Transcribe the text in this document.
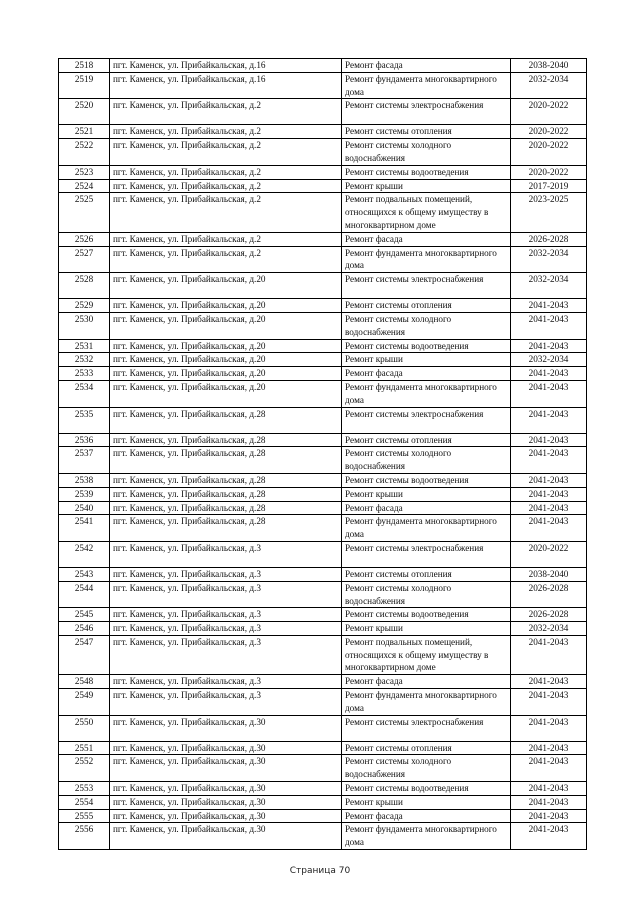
2518	пгт. Каменск, ул. Прибайкальская, д.16	Ремонт фасада	2038-2040
2519	пгт. Каменск, ул. Прибайкальская, д.16	Ремонт фундамента многоквартирного дома	2032-2034
2520	пгт. Каменск, ул. Прибайкальская, д.2	Ремонт системы электроснабжения	2020-2022
2521	пгт. Каменск, ул. Прибайкальская, д.2	Ремонт системы отопления	2020-2022
2522	пгт. Каменск, ул. Прибайкальская, д.2	Ремонт системы холодного водоснабжения	2020-2022
2523	пгт. Каменск, ул. Прибайкальская, д.2	Ремонт системы водоотведения	2020-2022
2524	пгт. Каменск, ул. Прибайкальская, д.2	Ремонт крыши	2017-2019
2525	пгт. Каменск, ул. Прибайкальская, д.2	Ремонт подвальных помещений, относящихся к общему имуществу в многоквартирном доме	2023-2025
2526	пгт. Каменск, ул. Прибайкальская, д.2	Ремонт фасада	2026-2028
2527	пгт. Каменск, ул. Прибайкальская, д.2	Ремонт фундамента многоквартирного дома	2032-2034
2528	пгт. Каменск, ул. Прибайкальская, д.20	Ремонт системы электроснабжения	2032-2034
2529	пгт. Каменск, ул. Прибайкальская, д.20	Ремонт системы отопления	2041-2043
2530	пгт. Каменск, ул. Прибайкальская, д.20	Ремонт системы холодного водоснабжения	2041-2043
2531	пгт. Каменск, ул. Прибайкальская, д.20	Ремонт системы водоотведения	2041-2043
2532	пгт. Каменск, ул. Прибайкальская, д.20	Ремонт крыши	2032-2034
2533	пгт. Каменск, ул. Прибайкальская, д.20	Ремонт фасада	2041-2043
2534	пгт. Каменск, ул. Прибайкальская, д.20	Ремонт фундамента многоквартирного дома	2041-2043
2535	пгт. Каменск, ул. Прибайкальская, д.28	Ремонт системы электроснабжения	2041-2043
2536	пгт. Каменск, ул. Прибайкальская, д.28	Ремонт системы отопления	2041-2043
2537	пгт. Каменск, ул. Прибайкальская, д.28	Ремонт системы холодного водоснабжения	2041-2043
2538	пгт. Каменск, ул. Прибайкальская, д.28	Ремонт системы водоотведения	2041-2043
2539	пгт. Каменск, ул. Прибайкальская, д.28	Ремонт крыши	2041-2043
2540	пгт. Каменск, ул. Прибайкальская, д.28	Ремонт фасада	2041-2043
2541	пгт. Каменск, ул. Прибайкальская, д.28	Ремонт фундамента многоквартирного дома	2041-2043
2542	пгт. Каменск, ул. Прибайкальская, д.3	Ремонт системы электроснабжения	2020-2022
2543	пгт. Каменск, ул. Прибайкальская, д.3	Ремонт системы отопления	2038-2040
2544	пгт. Каменск, ул. Прибайкальская, д.3	Ремонт системы холодного водоснабжения	2026-2028
2545	пгт. Каменск, ул. Прибайкальская, д.3	Ремонт системы водоотведения	2026-2028
2546	пгт. Каменск, ул. Прибайкальская, д.3	Ремонт крыши	2032-2034
2547	пгт. Каменск, ул. Прибайкальская, д.3	Ремонт подвальных помещений, относящихся к общему имуществу в многоквартирном доме	2041-2043
2548	пгт. Каменск, ул. Прибайкальская, д.3	Ремонт фасада	2041-2043
2549	пгт. Каменск, ул. Прибайкальская, д.3	Ремонт фундамента многоквартирного дома	2041-2043
2550	пгт. Каменск, ул. Прибайкальская, д.30	Ремонт системы электроснабжения	2041-2043
2551	пгт. Каменск, ул. Прибайкальская, д.30	Ремонт системы отопления	2041-2043
2552	пгт. Каменск, ул. Прибайкальская, д.30	Ремонт системы холодного водоснабжения	2041-2043
2553	пгт. Каменск, ул. Прибайкальская, д.30	Ремонт системы водоотведения	2041-2043
2554	пгт. Каменск, ул. Прибайкальская, д.30	Ремонт крыши	2041-2043
2555	пгт. Каменск, ул. Прибайкальская, д.30	Ремонт фасада	2041-2043
2556	пгт. Каменск, ул. Прибайкальская, д.30	Ремонт фундамента многоквартирного дома	2041-2043
Страница 70
